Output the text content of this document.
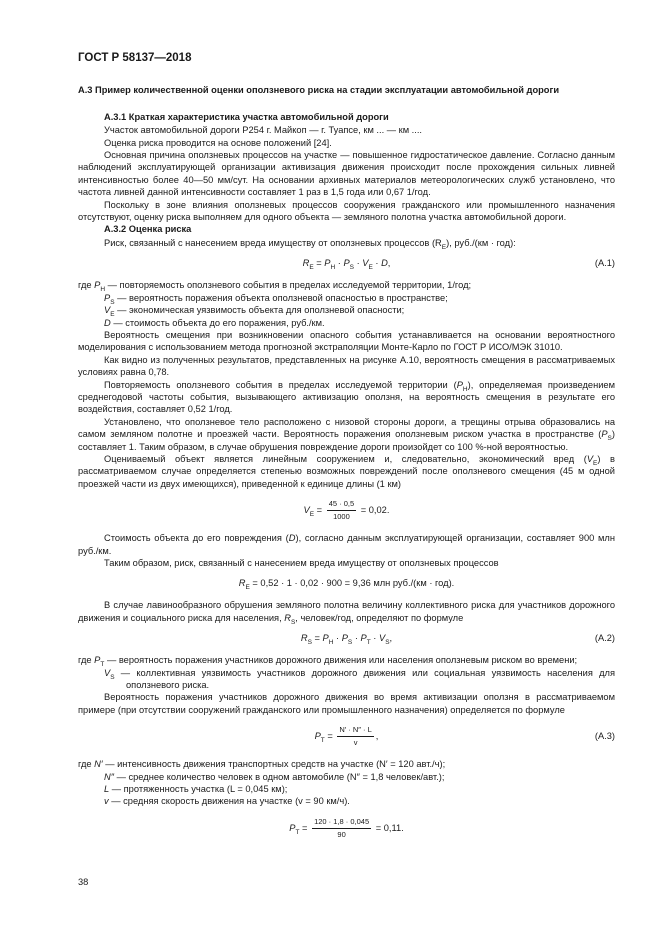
ГОСТ Р 58137—2018
А.3 Пример количественной оценки оползневого риска на стадии эксплуатации автомобильной дороги
А.3.1 Краткая характеристика участка автомобильной дороги

Участок автомобильной дороги Р254 г. Майкоп — г. Туапсе, км ... — км ....

Оценка риска проводится на основе положений [24].

Основная причина оползневых процессов на участке — повышенное гидростатическое давление. Согласно данным наблюдений эксплуатирующей организации активизация движения происходит после прохождения сильных ливней интенсивностью более 40—50 мм/сут. На основании архивных материалов метеорологических служб установлено, что частота ливней данной интенсивности составляет 1 раз в 1,5 года или 0,67 1/год.

Поскольку в зоне влияния оползневых процессов сооружения гражданского или промышленного назначения отсутствуют, оценку риска выполняем для одного объекта — земляного полотна участка автомобильной дороги.

А.3.2 Оценка риска

Риск, связанный с нанесением вреда имуществу от оползневых процессов $(R_E)$, руб./(км · год):

$R_E = P_H \cdot P_S \cdot V_E \cdot D$,	(А.1)

где $P_H$ — повторяемость оползневого события в пределах исследуемой территории, 1/год;

$P_S$ — вероятность поражения объекта оползневой опасностью в пространстве;

$V_E$ — экономическая уязвимость объекта для оползневой опасности;

D — стоимость объекта до его поражения, руб./км.

Вероятность смещения при возникновении опасного события устанавливается на основании вероятностного моделирования с использованием метода прогнозной экстраполяции Монте-Карло по ГОСТ Р ИСО/МЭК 31010.

Как видно из полученных результатов, представленных на рисунке А.10, вероятность смещения в рассматриваемых условиях равна 0,78.

Повторяемость оползневого события в пределах исследуемой территории $(P_H)$, определяемая произведением среднегодовой частоты события, вызывающего активизацию оползня, на вероятность смещения в результате его воздействия, составляет 0,52 1/год.

Установлено, что оползневое тело расположено с низовой стороны дороги, а трещины отрыва образовались на самом земляном полотне и проезжей части. Вероятность поражения оползневым риском участка в пространстве $(P_S)$ составляет 1. Таким образом, в случае обрушения повреждение дороги произойдет со 100 %-ной вероятностью.

Оцениваемый объект является линейным сооружением и, следовательно, экономический вред $(V_E)$ в рассматриваемом случае определяется степенью возможных повреждений после оползневого смещения (45 м одной проезжей части из двух имеющихся), приведенной к единице длины (1 км)

$V_E = \frac{45 \cdot 0,5}{1000} = 0,02$.

Стоимость объекта до его повреждения (D), согласно данным эксплуатирующей организации, составляет 900 млн руб./км.

Таким образом, риск, связанный с нанесением вреда имуществу от оползневых процессов

$R_E = 0,52 \cdot 1 \cdot 0,02 \cdot 900 = 9,36$ млн руб./(км · год).

В случае лавинообразного обрушения земляного полотна величину коллективного риска для участников дорожного движения и социального риска для населения, $R_S$, человек/год, определяют по формуле

$R_S = P_H \cdot P_S \cdot P_T \cdot V_S$,	(А.2)

где $P_T$ — вероятность поражения участников дорожного движения или населения оползневым риском во времени;

$V_S$ — коллективная уязвимость участников дорожного движения или социальная уязвимость населения для оползневого риска.

Вероятность поражения участников дорожного движения во время активизации оползня в рассматриваемом примере (при отсутствии сооружений гражданского или промышленного назначения) определяется по формуле

$P_T = \frac{N' \cdot N'' \cdot L}{v}$ ,	(А.3)

где N′ — интенсивность движения транспортных средств на участке (N′ = 120 авт./ч);

N″ — среднее количество человек в одном автомобиле (N″ = 1,8 человек/авт.);

L — протяженность участка (L = 0,045 км);

v — средняя скорость движения на участке (v = 90 км/ч).

$P_T = \frac{120 \cdot 1,8 \cdot 0,045}{90} = 0,11$.
38
